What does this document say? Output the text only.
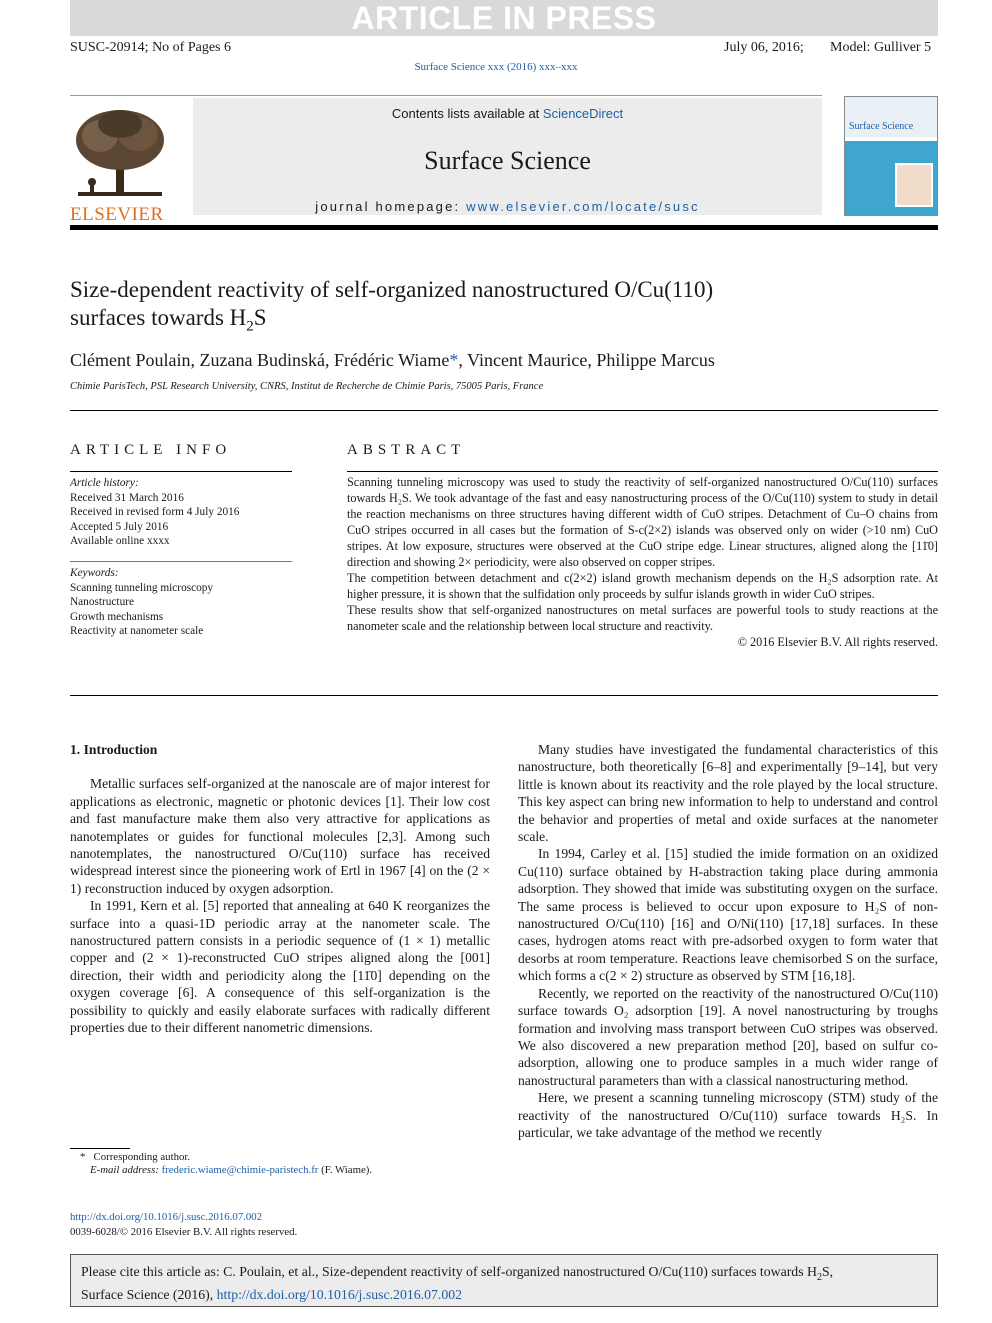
ARTICLE IN PRESS
SUSC-20914; No of Pages 6	July 06, 2016; Model: Gulliver 5
Surface Science xxx (2016) xxx–xxx
ELSEVIER
Contents lists available at ScienceDirect
Surface Science
journal homepage: www.elsevier.com/locate/susc
Surface Science
Size-dependent reactivity of self-organized nanostructured O/Cu(110)
surfaces towards $H_2S$
Clément Poulain, Zuzana Budinská, Frédéric Wiame*, Vincent Maurice, Philippe Marcus
Chimie ParisTech, PSL Research University, CNRS, Institut de Recherche de Chimie Paris, 75005 Paris, France
ARTICLE INFO
Article history:
Received 31 March 2016
Received in revised form 4 July 2016
Accepted 5 July 2016
Available online xxxx
Keywords:
Scanning tunneling microscopy
Nanostructure
Growth mechanisms
Reactivity at nanometer scale
ABSTRACT

Scanning tunneling microscopy was used to study the reactivity of self-organized nanostructured O/Cu(110) surfaces towards H₂S. We took advantage of the fast and easy nanostructuring process of the O/Cu(110) system to study in detail the reaction mechanisms on three structures having different width of CuO stripes. Detachment of Cu–O chains from CuO stripes occurred in all cases but the formation of S-c(2×2) islands was observed only on wider (>10 nm) CuO stripes. At low exposure, structures were observed at the CuO stripe edge. Linear structures, aligned along the [11̄0] direction and showing 2× periodicity, were also observed on copper stripes.

The competition between detachment and c(2×2) island growth mechanism depends on the H₂S adsorption rate. At higher pressure, it is shown that the sulfidation only proceeds by sulfur islands growth in wider CuO stripes.

These results show that self-organized nanostructures on metal surfaces are powerful tools to study reactions at the nanometer scale and the relationship between local structure and reactivity.

© 2016 Elsevier B.V. All rights reserved.

1. Introduction

Metallic surfaces self-organized at the nanoscale are of major interest for applications as electronic, magnetic or photonic devices [1]. Their low cost and fast manufacture make them also very attractive for applications as nanotemplates or guides for functional molecules [2,3]. Among such nanotemplates, the nanostructured O/Cu(110) surface has received widespread interest since the pioneering work of Ertl in 1967 [4] on the (2 × 1) reconstruction induced by oxygen adsorption.

In 1991, Kern et al. [5] reported that annealing at 640 K reorganizes the surface into a quasi-1D periodic array at the nanometer scale. The nanostructured pattern consists in a periodic sequence of (1 × 1) metallic copper and (2 × 1)-reconstructed CuO stripes aligned along the [001] direction, their width and periodicity along the [11̄0] depending on the oxygen coverage [6]. A consequence of this self-organization is the possibility to quickly and easily elaborate surfaces with radically different properties due to their different nanometric dimensions.

Many studies have investigated the fundamental characteristics of this nanostructure, both theoretically [6–8] and experimentally [9–14], but very little is known about its reactivity and the role played by the local structure. This key aspect can bring new information to help to understand and control the behavior and properties of metal and oxide surfaces at the nanometer scale.

In 1994, Carley et al. [15] studied the imide formation on an oxidized Cu(110) surface obtained by H-abstraction taking place during ammonia adsorption. They showed that imide was substituting oxygen on the surface. The same process is believed to occur upon exposure to H₂S of non-nanostructured O/Cu(110) [16] and O/Ni(110) [17,18] surfaces. In these cases, hydrogen atoms react with pre-adsorbed oxygen to form water that desorbs at room temperature. Reactions leave chemisorbed S on the surface, which forms a c(2 × 2) structure as observed by STM [16,18].

Recently, we reported on the reactivity of the nanostructured O/Cu(110) surface towards O₂ adsorption [19]. A novel nanostructuring by troughs formation and involving mass transport between CuO stripes was observed. We also discovered a new preparation method [20], based on sulfur co-adsorption, allowing one to produce samples in a much wider range of nanostructural parameters than with a classical nanostructuring method.

Here, we present a scanning tunneling microscopy (STM) study of the reactivity of the nanostructured O/Cu(110) surface towards H₂S. In particular, we take advantage of the method we recently

* Corresponding author.
E-mail address: frederic.wiame@chimie-paristech.fr (F. Wiame).
http://dx.doi.org/10.1016/j.susc.2016.07.002
0039-6028/© 2016 Elsevier B.V. All rights reserved.
Please cite this article as: C. Poulain, et al., Size-dependent reactivity of self-organized nanostructured O/Cu(110) surfaces towards $H_2S$,
Surface Science (2016), http://dx.doi.org/10.1016/j.susc.2016.07.002
